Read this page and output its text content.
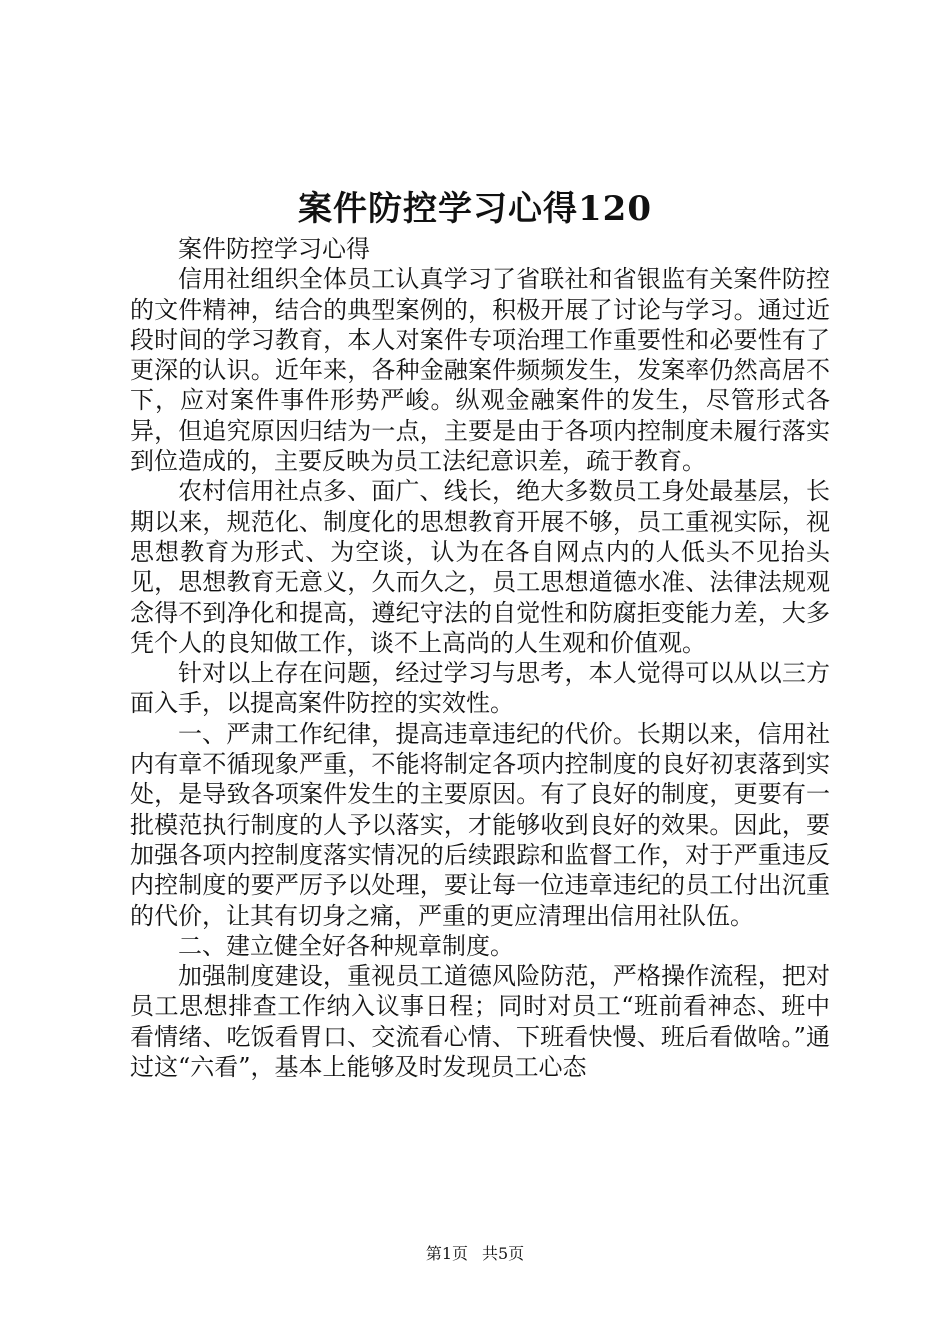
案件防控学习心得120

案件防控学习心得

信用社组织全体员工认真学习了省联社和省银监有关案件防控的文件精神，结合的典型案例的，积极开展了讨论与学习。通过近段时间的学习教育，本人对案件专项治理工作重要性和必要性有了更深的认识。近年来，各种金融案件频频发生，发案率仍然高居不下，应对案件事件形势严峻。纵观金融案件的发生，尽管形式各异，但追究原因归结为一点，主要是由于各项内控制度未履行落实到位造成的，主要反映为员工法纪意识差，疏于教育。

农村信用社点多、面广、线长，绝大多数员工身处最基层，长期以来，规范化、制度化的思想教育开展不够，员工重视实际，视思想教育为形式、为空谈，认为在各自网点内的人低头不见抬头见，思想教育无意义，久而久之，员工思想道德水准、法律法规观念得不到净化和提高，遵纪守法的自觉性和防腐拒变能力差，大多凭个人的良知做工作，谈不上高尚的人生观和价值观。

针对以上存在问题，经过学习与思考，本人觉得可以从以三方面入手，以提高案件防控的实效性。

一、严肃工作纪律，提高违章违纪的代价。长期以来，信用社内有章不循现象严重，不能将制定各项内控制度的良好初衷落到实处，是导致各项案件发生的主要原因。有了良好的制度，更要有一批模范执行制度的人予以落实，才能够收到良好的效果。因此，要加强各项内控制度落实情况的后续跟踪和监督工作，对于严重违反内控制度的要严厉予以处理，要让每一位违章违纪的员工付出沉重的代价，让其有切身之痛，严重的更应清理出信用社队伍。

二、建立健全好各种规章制度。

加强制度建设，重视员工道德风险防范，严格操作流程，把对员工思想排查工作纳入议事日程；同时对员工“班前看神态、班中看情绪、吃饭看胃口、交流看心情、下班看快慢、班后看做啥。”通过这“六看”，基本上能够及时发现员工心态

第1页 共5页
